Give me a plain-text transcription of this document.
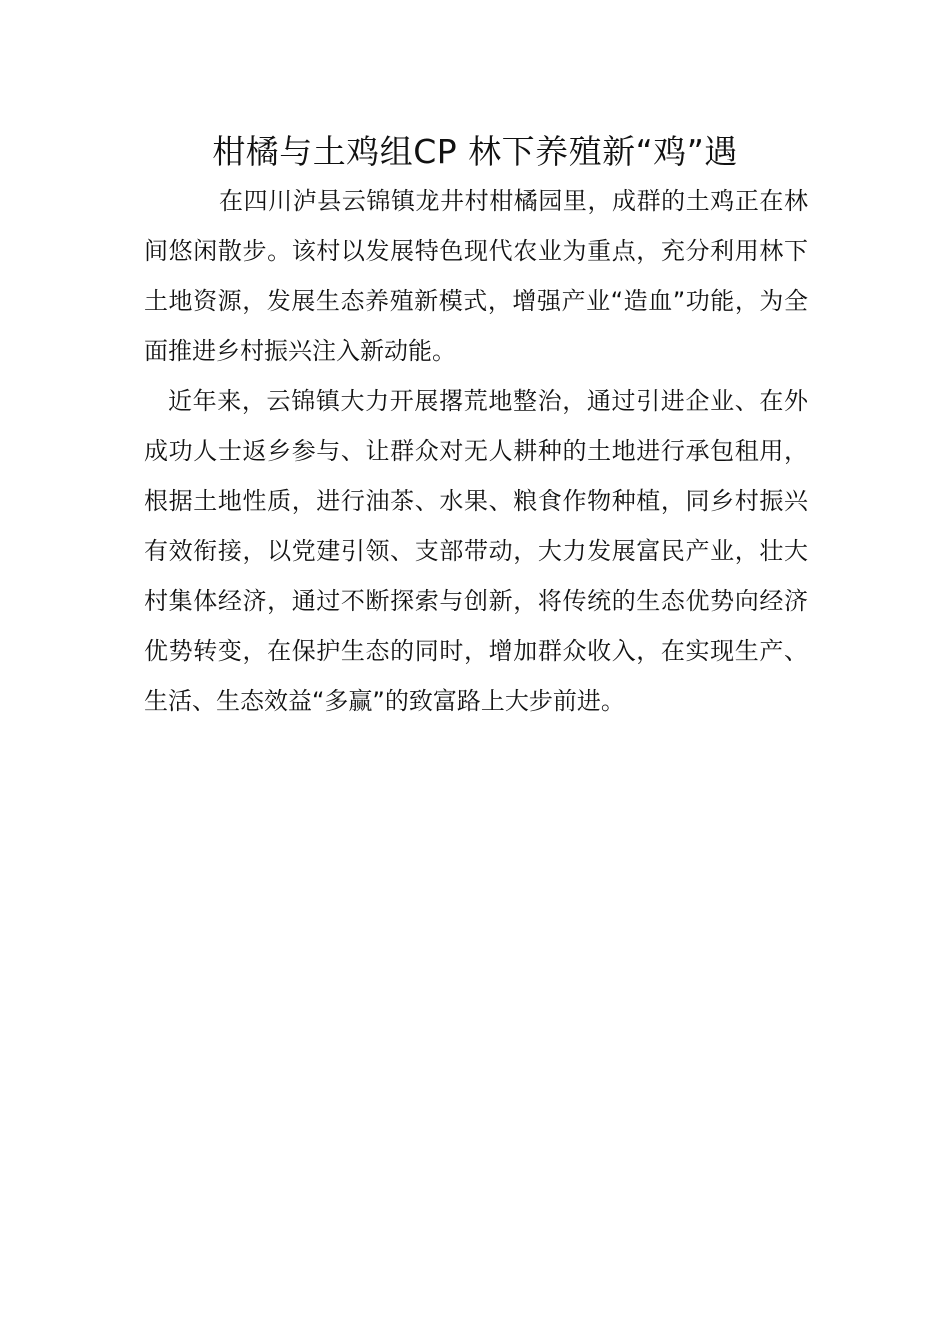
柑橘与土鸡组CP 林下养殖新“鸡”遇

在四川泸县云锦镇龙井村柑橘园里，成群的土鸡正在林间悠闲散步。该村以发展特色现代农业为重点，充分利用林下土地资源，发展生态养殖新模式，增强产业“造血”功能，为全面推进乡村振兴注入新动能。

近年来，云锦镇大力开展撂荒地整治，通过引进企业、在外成功人士返乡参与、让群众对无人耕种的土地进行承包租用，根据土地性质，进行油茶、水果、粮食作物种植，同乡村振兴有效衔接，以党建引领、支部带动，大力发展富民产业，壮大村集体经济，通过不断探索与创新，将传统的生态优势向经济优势转变，在保护生态的同时，增加群众收入，在实现生产、生活、生态效益“多赢”的致富路上大步前进。
